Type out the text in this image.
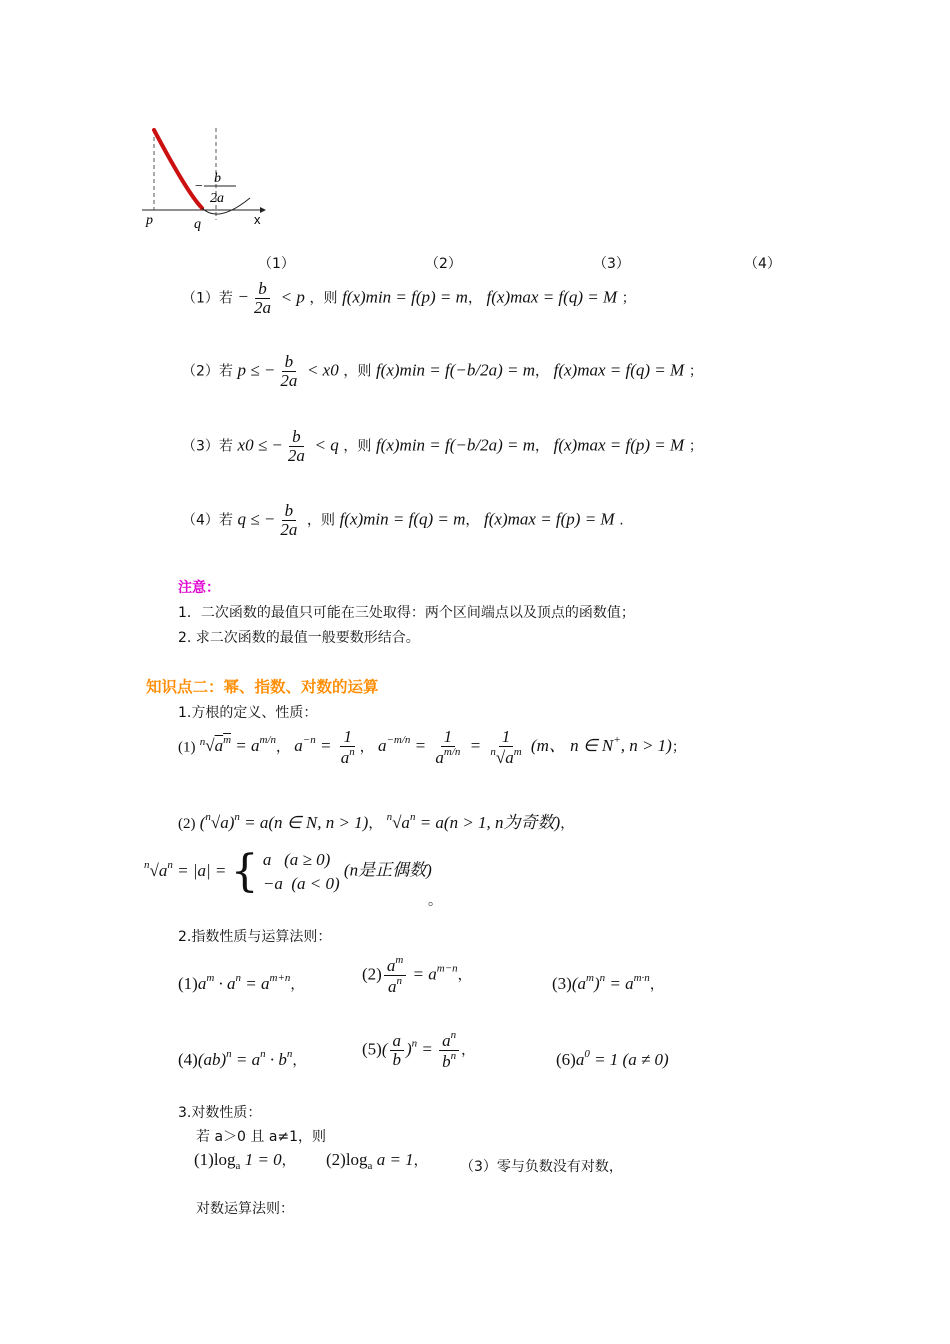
p	q	x
−
b
2a
（1）	（2）	（3）	（4）
（1）若 − $\frac{b}{2a} < p$ ，则 f(x)min = f(p) = m， f(x)max = f(q) = M ；
（2）若 p ≤ − $\frac{b}{2a} < x0$ ，则 f(x)min = f(−b/2a) = m， f(x)max = f(q) = M ；
（3）若 x0 ≤ − $\frac{b}{2a} < q$ ，则 f(x)min = f(−b/2a) = m， f(x)max = f(p) = M ；
（4）若 q ≤ − $\frac{b}{2a}$ ，则 f(x)min = f(q) = m， f(x)max = f(p) = M .
注意：
1．二次函数的最值只可能在三处取得：两个区间端点以及顶点的函数值；
2. 求二次函数的最值一般要数形结合。
知识点二：幂、指数、对数的运算
1.方根的定义、性质：
(1) $^n√a^m = a^{m/n}$， $a^{-n} = \frac{1}{a^n}$ ， $a^{-m/n} = \frac{1}{a^{m/n}} = \frac{1}{^n√a^m} (m$、 n ∈ N+, n > 1)；
(2) $(^n√a)^n = a(n$ ∈ N, n > 1)， $^n√a^n = a(n > 1$, n为奇数)，
$^n√a^n = |a|$ = { a   (a ≥ 0)
−a  (a < 0)
(n是正偶数)
。
2.指数性质与运算法则：
$(1)a^m \cdot a^n = a^{m+n}$，
$(2) \frac{a^m}{a^n} = a^{m-n}$，	$(3)(a^m)^n = a^{m\cdot n}$，
$(4)(ab)^n = a^n \cdot b^n$，
$(5)( \frac{a}{b} )^n = \frac{a^n}{b^n}$ ，	$(6)a^0 = 1$ (a ≠ 0)
3.对数性质：
若 a＞0 且 a≠1，则
$(1)\log_a$ 1 = 0， $(2)\log_a$ a = 1， （3）零与负数没有对数，
对数运算法则：
